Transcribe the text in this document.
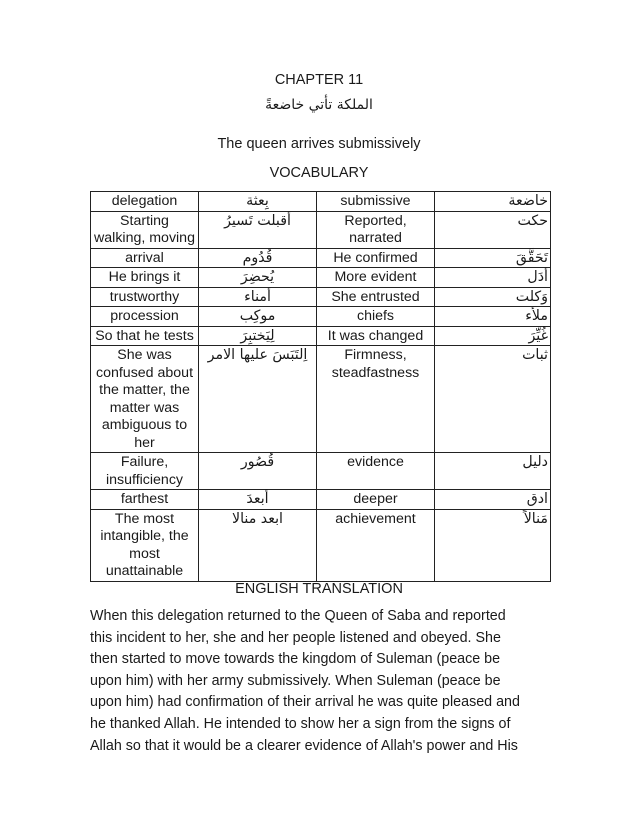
CHAPTER 11
الملكة تأتي خاضعةً
The queen arrives submissively
VOCABULARY
delegation	بِعثة	submissive	خاضعة
Starting walking, moving	أقبلت تَسيرُ	Reported, narrated	حكت
arrival	قُدُوم	He confirmed	تَحَقَّقَ
He brings it	يُحضِرَ	More evident	أدَل
trustworthy	أمناء	She entrusted	وَكلت
procession	موكِب	chiefs	ملأء
So that he tests	لِيَختبِرَ	It was changed	غُيِّرَ
She was confused about the matter, the matter was ambiguous to her	اِلتَبَسَ عليها الامر	Firmness, steadfastness	ثبات
Failure, insufficiency	قُصُور	evidence	دليل
farthest	أبعدَ	deeper	ادق
The most intangible, the most unattainable	ابعد منالا	achievement	مَنالاً
ENGLISH TRANSLATION
When this delegation returned to the Queen of Saba and reported
this incident to her, she and her people listened and obeyed. She
then started to move towards the kingdom of Suleman (peace be
upon him) with her army submissively. When Suleman (peace be
upon him) had confirmation of their arrival he was quite pleased and
he thanked Allah. He intended to show her a sign from the signs of
Allah so that it would be a clearer evidence of Allah's power and His
